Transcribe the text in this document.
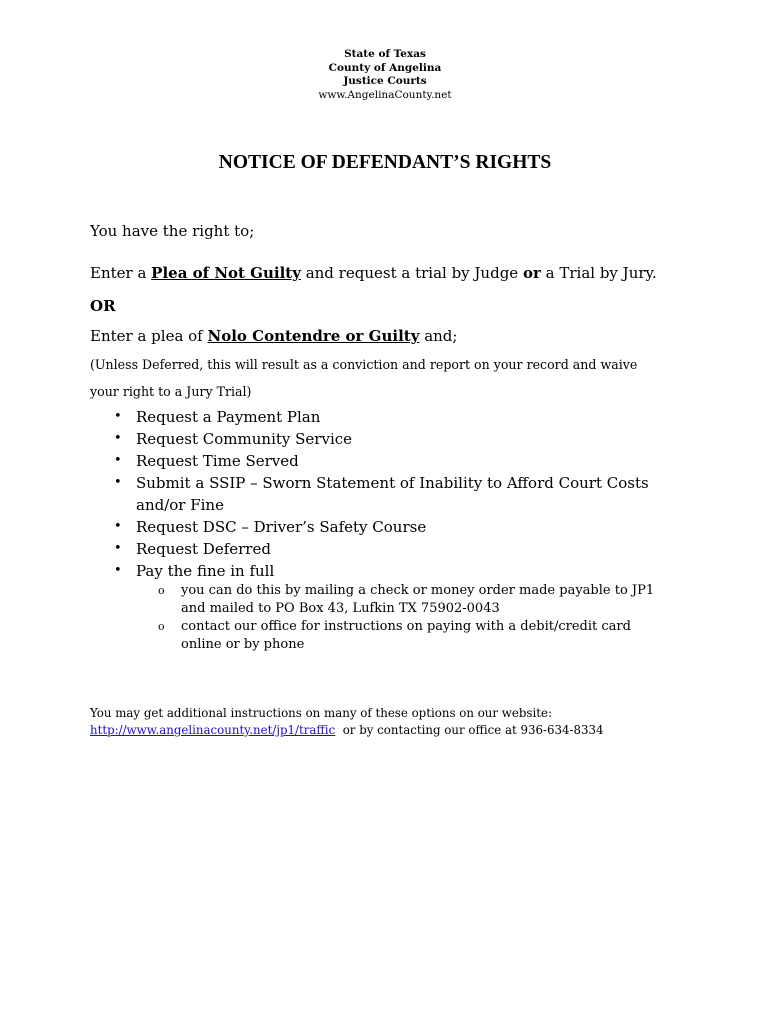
State of Texas
County of Angelina
Justice Courts
www.AngelinaCounty.net
NOTICE OF DEFENDANT’S RIGHTS
You have the right to;
Enter a Plea of Not Guilty and request a trial by Judge or a Trial by Jury.
OR
Enter a plea of Nolo Contendre or Guilty and;
(Unless Deferred, this will result as a conviction and report on your record and waive
your right to a Jury Trial)
• Request a Payment Plan
• Request Community Service
• Request Time Served
• Submit a SSIP – Sworn Statement of Inability to Afford Court Costs and/or Fine
• Request DSC – Driver’s Safety Course
• Request Deferred
• Pay the fine in full
o you can do this by mailing a check or money order made payable to JP1 and mailed to PO Box 43, Lufkin TX 75902-0043
o contact our office for instructions on paying with a debit/credit card online or by phone
You may get additional instructions on many of these options on our website:
http://www.angelinacounty.net/jp1/traffic  or by contacting our office at 936-634-8334
